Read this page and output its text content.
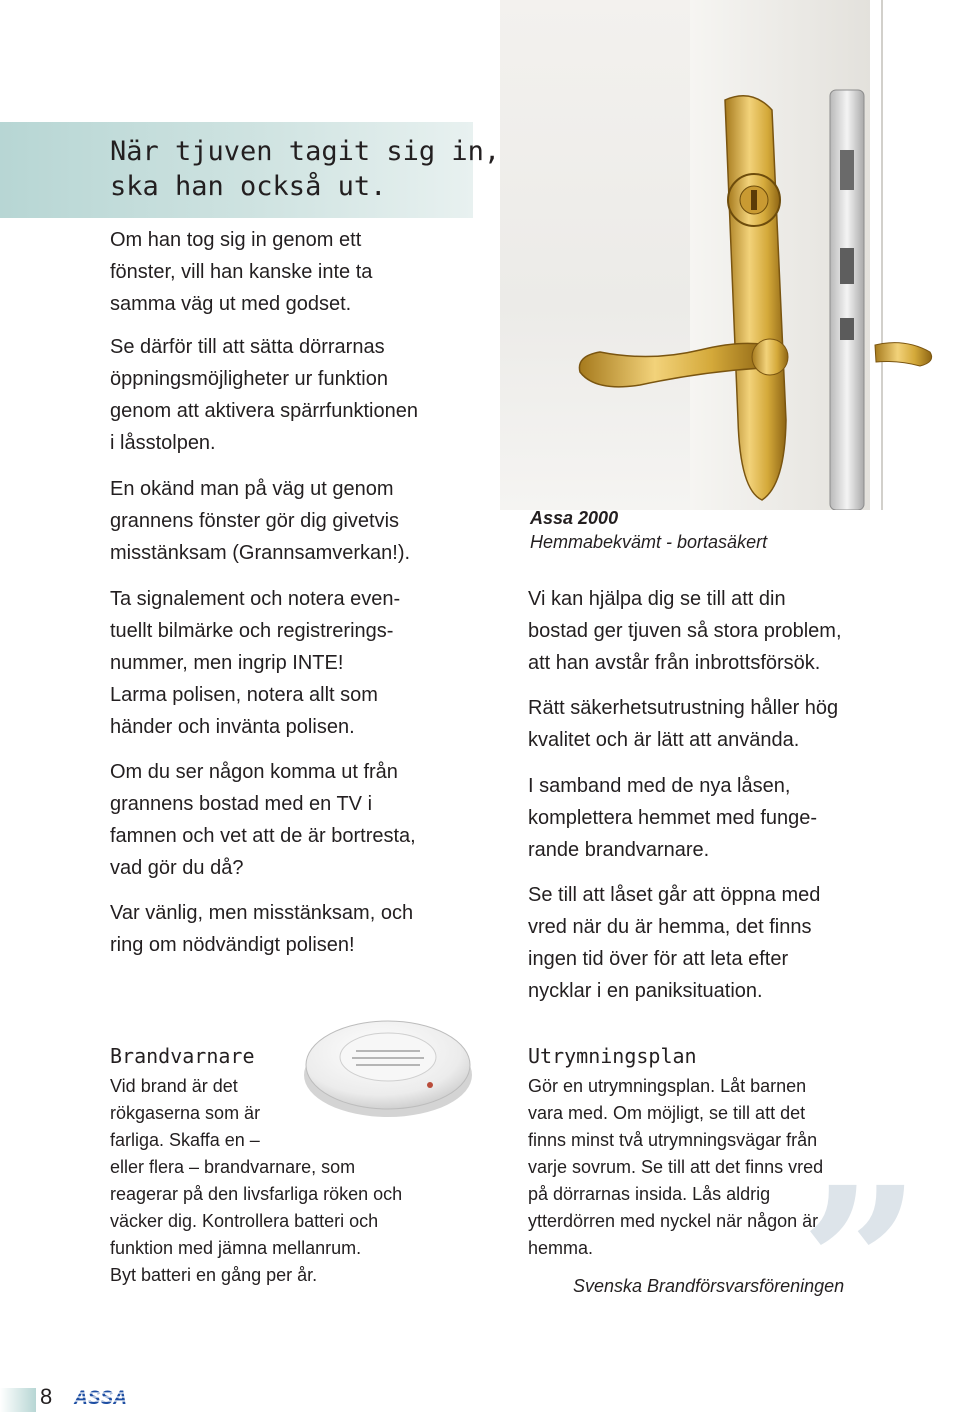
När tjuven tagit sig in,
ska han också ut.
Om han tog sig in genom ett
fönster, vill han kanske inte ta
samma väg ut med godset.
Se därför till att sätta dörrarnas
öppningsmöjligheter ur funktion
genom att aktivera spärrfunktionen
i låsstolpen.
En okänd man på väg ut genom
grannens fönster gör dig givetvis
misstänksam (Grannsamverkan!).
Ta signalement och notera even-
tuellt bilmärke och registrerings-
nummer, men ingrip INTE!
Larma polisen, notera allt som
händer och invänta polisen.
Om du ser någon komma ut från
grannens bostad med en TV i
famnen och vet att de är bortresta,
vad gör du då?
Var vänlig, men misstänksam, och
ring om nödvändigt polisen!
Assa 2000
Hemmabekvämt - bortasäkert
Vi kan hjälpa dig se till att din
bostad ger tjuven så stora problem,
att han avstår från inbrottsförsök.
Rätt säkerhetsutrustning håller hög
kvalitet och är lätt att använda.
I samband med de nya låsen,
komplettera hemmet med funge-
rande brandvarnare.
Se till att låset går att öppna med
vred när du är hemma, det finns
ingen tid över för att leta efter
nycklar i en paniksituation.
Brandvarnare
Vid brand är det
rökgaserna som är
farliga. Skaffa en –
eller flera – brandvarnare, som
reagerar på den livsfarliga röken och
väcker dig. Kontrollera batteri och
funktion med jämna mellanrum.
Byt batteri en gång per år.	”
Utrymningsplan
Gör en utrymningsplan. Låt barnen
vara med. Om möjligt, se till att det
finns minst två utrymningsvägar från
varje sovrum. Se till att det finns vred
på dörrarnas insida. Lås aldrig
ytterdörren med nyckel när någon är
hemma.
Svenska Brandförsvarsföreningen
8 ASSA
